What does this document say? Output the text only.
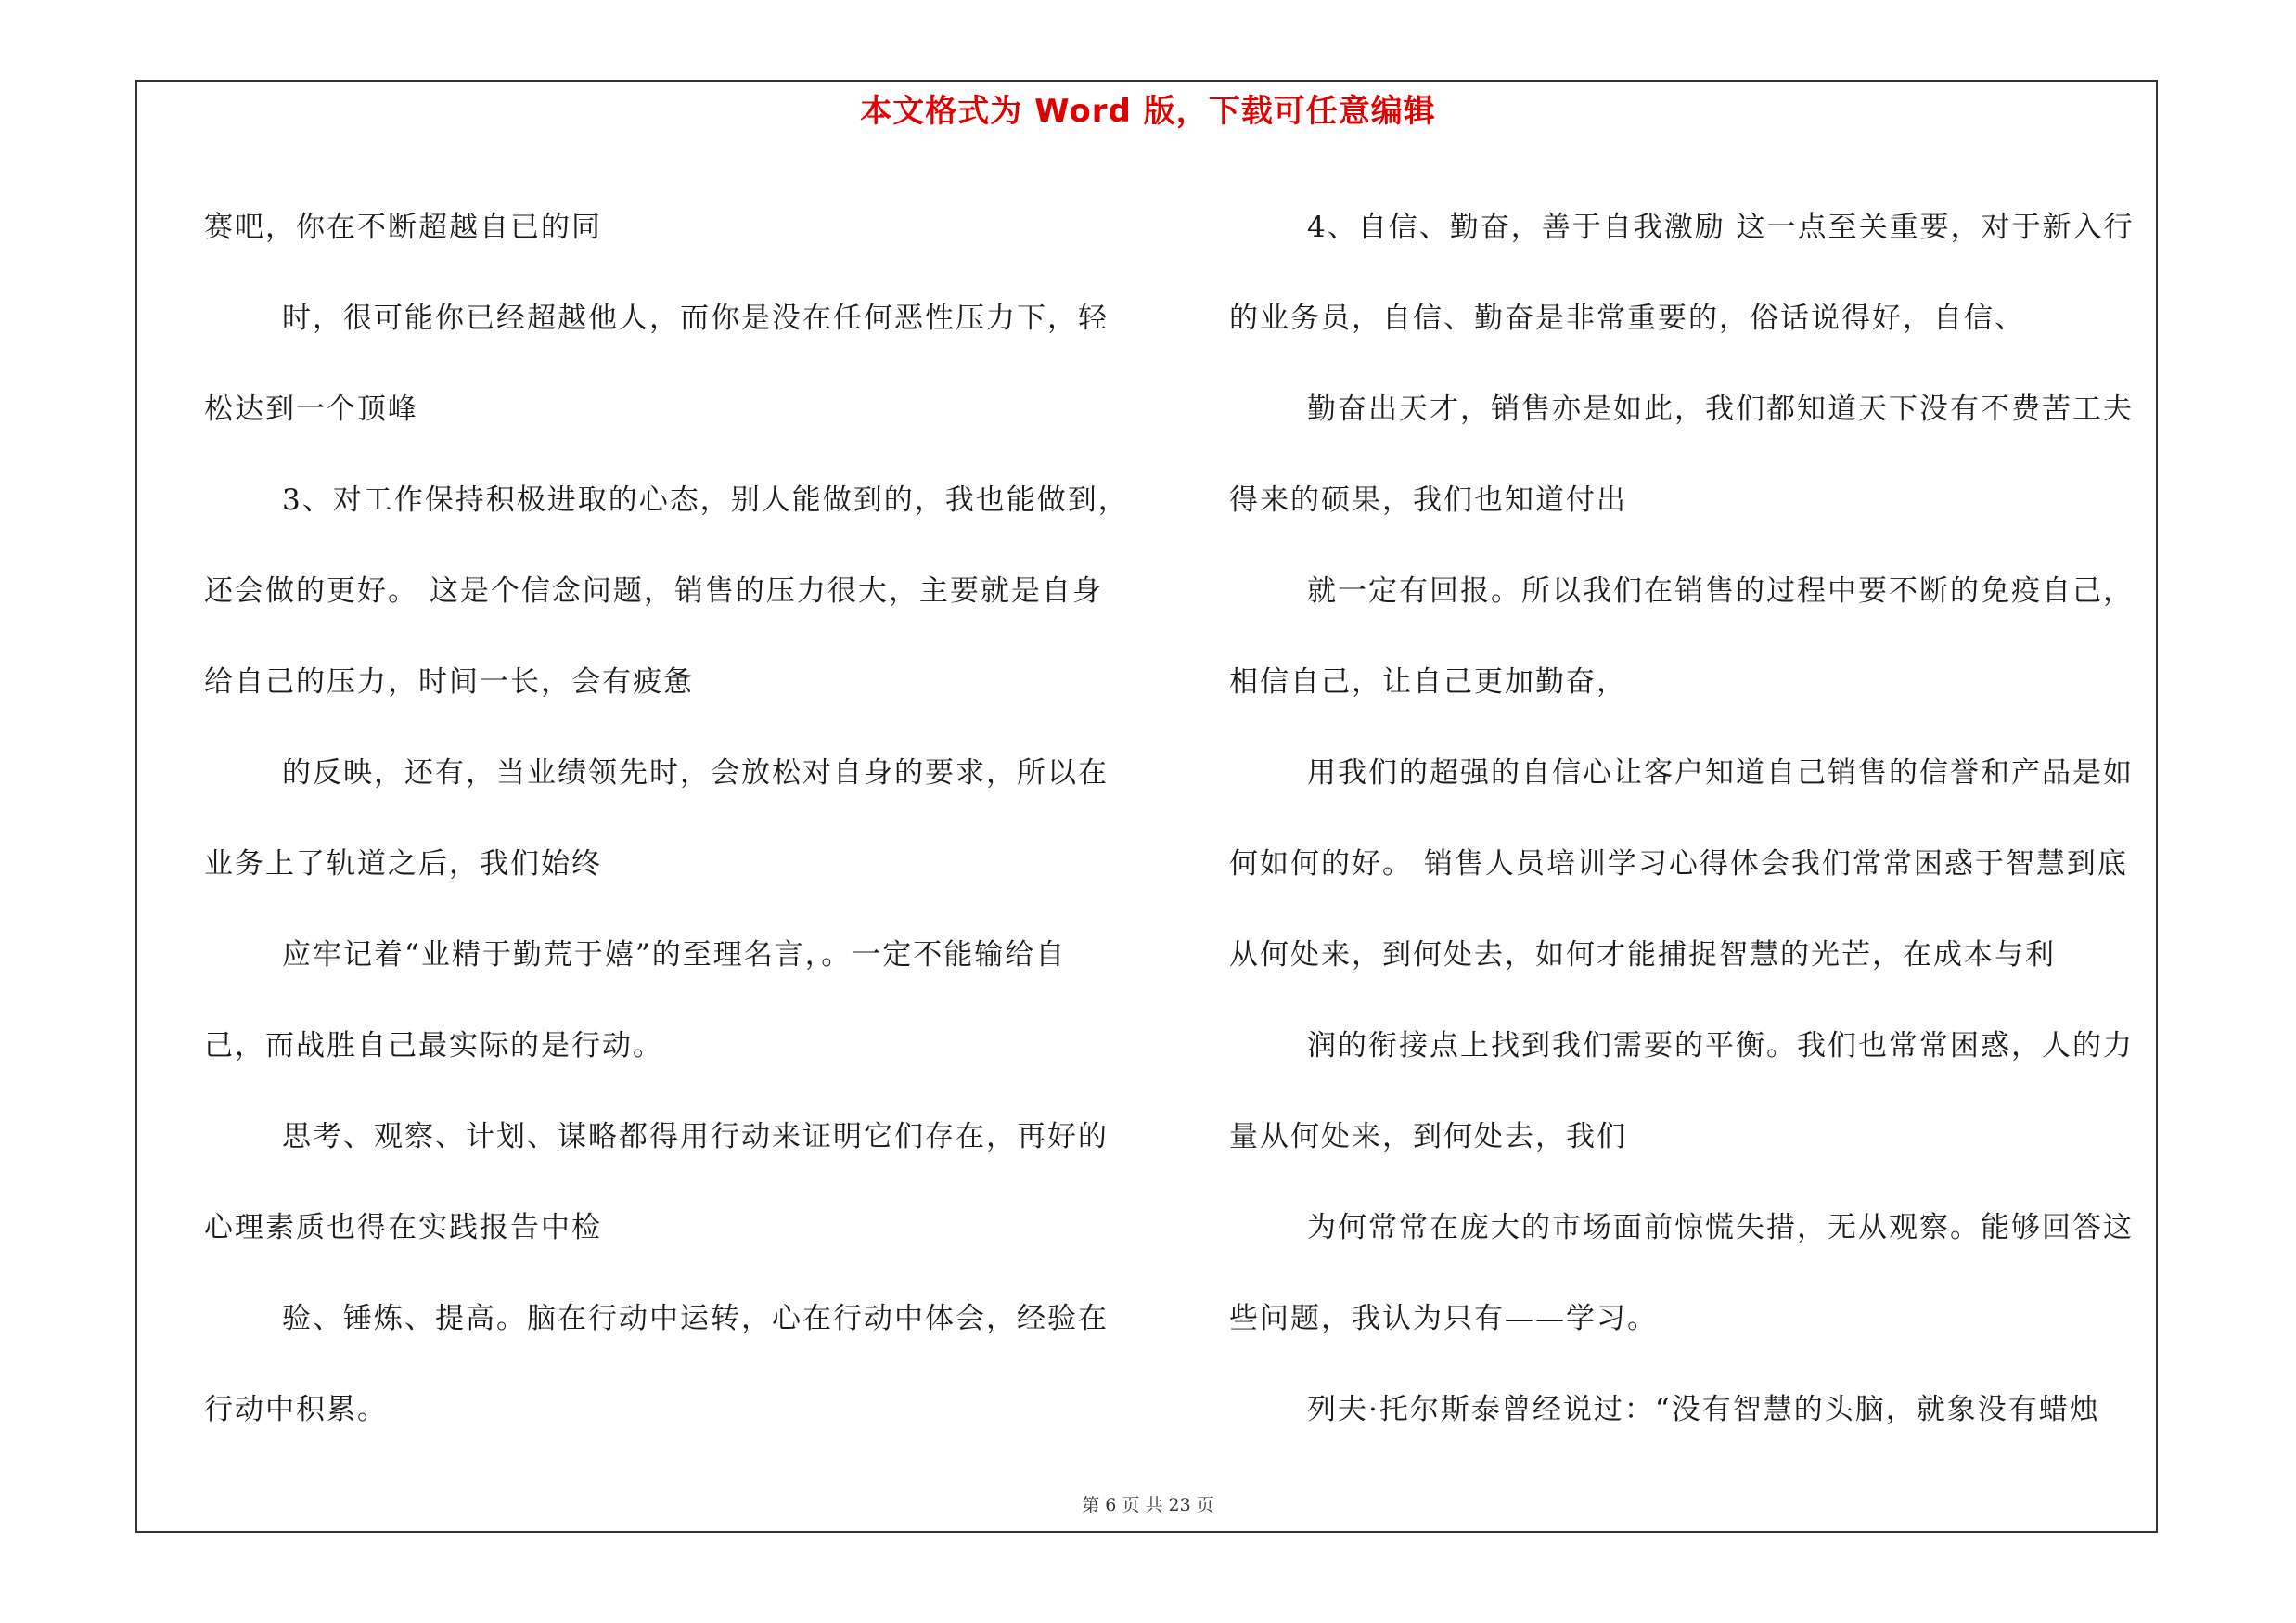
本文格式为 Word 版，下载可任意编辑
赛吧，你在不断超越自已的同
时，很可能你已经超越他人，而你是没在任何恶性压力下，轻
松达到一个顶峰
3、对工作保持积极进取的心态，别人能做到的，我也能做到，
还会做的更好。 这是个信念问题，销售的压力很大，主要就是自身
给自己的压力，时间一长，会有疲惫
的反映，还有，当业绩领先时，会放松对自身的要求，所以在
业务上了轨道之后，我们始终
应牢记着“业精于勤荒于嬉”的至理名言，。一定不能输给自
己，而战胜自己最实际的是行动。
思考、观察、计划、谋略都得用行动来证明它们存在，再好的
心理素质也得在实践报告中检
验、锤炼、提高。脑在行动中运转，心在行动中体会，经验在
行动中积累。
4、自信、勤奋，善于自我激励 这一点至关重要，对于新入行
的业务员，自信、勤奋是非常重要的，俗话说得好，自信、
勤奋出天才，销售亦是如此，我们都知道天下没有不费苦工夫
得来的硕果，我们也知道付出
就一定有回报。所以我们在销售的过程中要不断的免疫自己，
相信自己，让自己更加勤奋，
用我们的超强的自信心让客户知道自己销售的信誉和产品是如
何如何的好。 销售人员培训学习心得体会我们常常困惑于智慧到底
从何处来，到何处去，如何才能捕捉智慧的光芒，在成本与利
润的衔接点上找到我们需要的平衡。我们也常常困惑，人的力
量从何处来，到何处去，我们
为何常常在庞大的市场面前惊慌失措，无从观察。能够回答这
些问题，我认为只有——学习。
列夫·托尔斯泰曾经说过：“没有智慧的头脑，就象没有蜡烛
第 6 页 共 23 页
